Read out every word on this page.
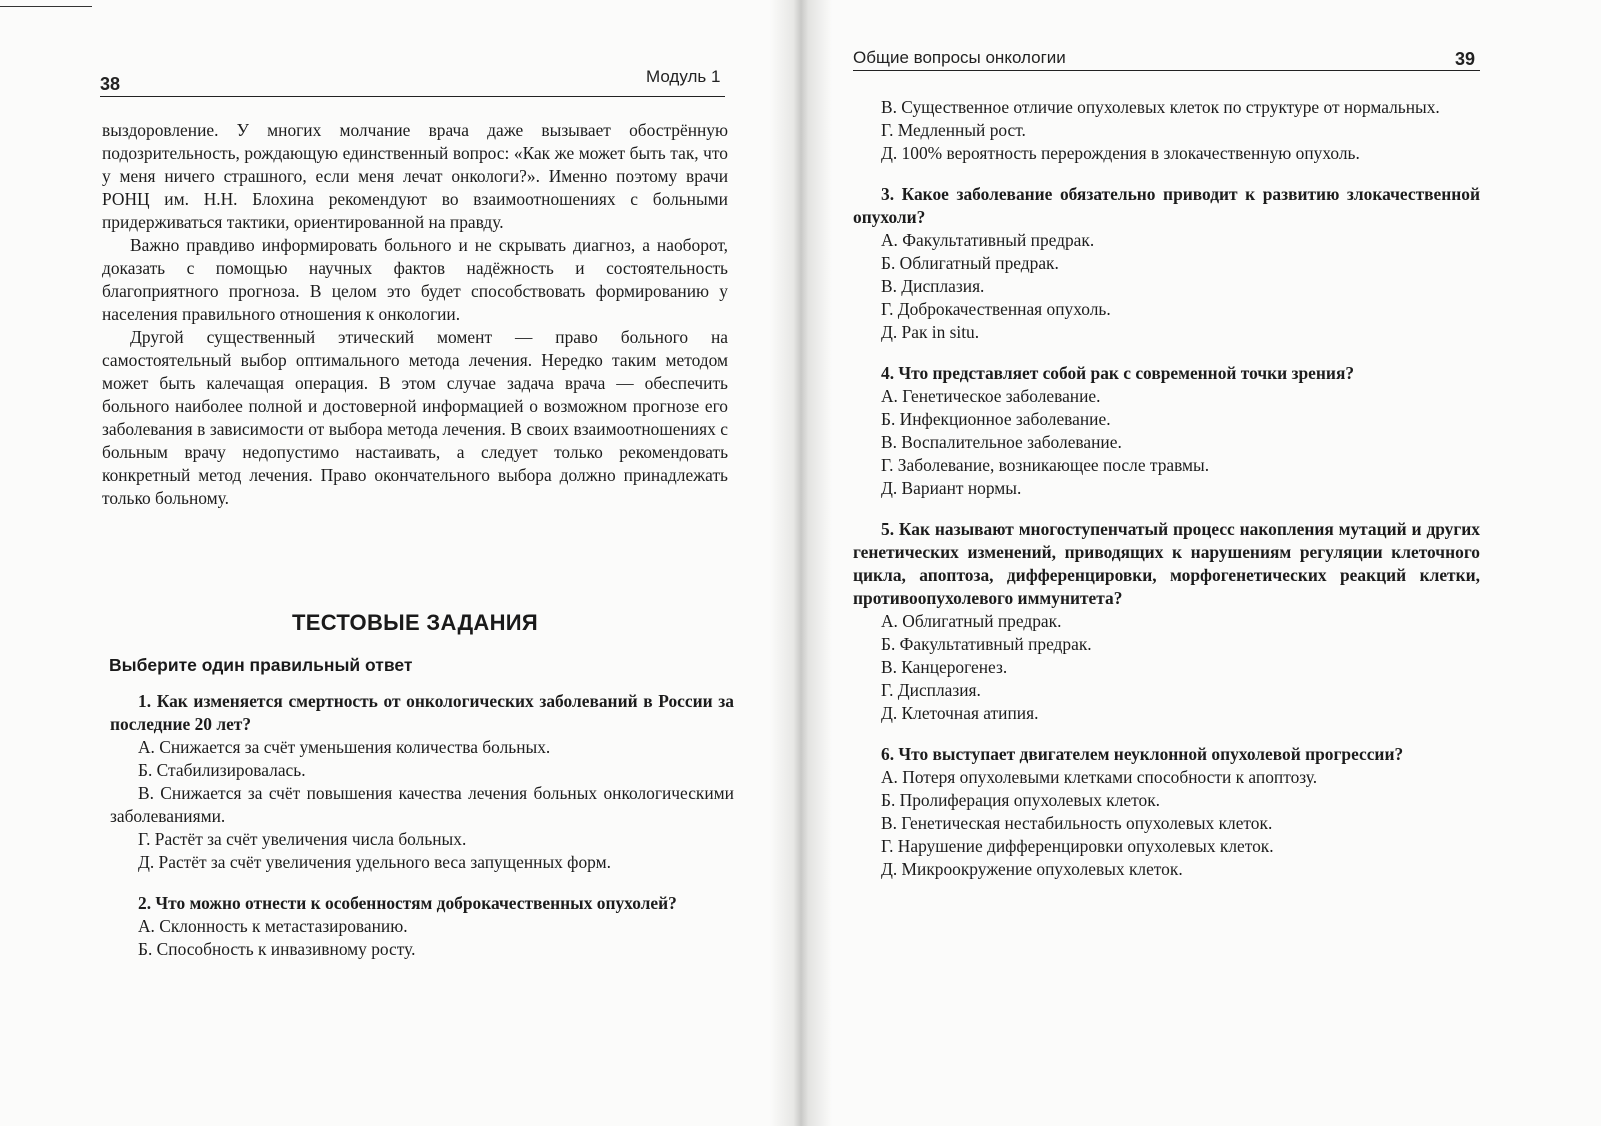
38	Модуль 1

выздоровление. У многих молчание врача даже вызывает обострённую подозрительность, рождающую единственный вопрос: «Как же может быть так, что у меня ничего страшного, если меня лечат онкологи?». Именно поэтому врачи РОНЦ им. Н.Н. Блохина рекомендуют во взаимоотношениях с больными придерживаться тактики, ориентированной на правду.

Важно правдиво информировать больного и не скрывать диагноз, а наоборот, доказать с помощью научных фактов надёжность и состоятельность благоприятного прогноза. В целом это будет способствовать формированию у населения правильного отношения к онкологии.

Другой существенный этический момент — право больного на самостоятельный выбор оптимального метода лечения. Нередко таким методом может быть калечащая операция. В этом случае задача врача — обеспечить больного наиболее полной и достоверной информацией о возможном прогнозе его заболевания в зависимости от выбора метода лечения. В своих взаимоотношениях с больным врачу недопустимо настаивать, а следует только рекомендовать конкретный метод лечения. Право окончательного выбора должно принадлежать только больному.

ТЕСТОВЫЕ ЗАДАНИЯ
Выберите один правильный ответ

1. Как изменяется смертность от онкологических заболеваний в России за последние 20 лет?

А. Снижается за счёт уменьшения количества больных.

Б. Стабилизировалась.

В. Снижается за счёт повышения качества лечения больных онкологическими заболеваниями.

Г. Растёт за счёт увеличения числа больных.

Д. Растёт за счёт увеличения удельного веса запущенных форм.

2. Что можно отнести к особенностям доброкачественных опухолей?

А. Склонность к метастазированию.

Б. Способность к инвазивному росту.

Общие вопросы онкологии	39

В. Существенное отличие опухолевых клеток по структуре от нормальных.

Г. Медленный рост.

Д. 100% вероятность перерождения в злокачественную опухоль.

3. Какое заболевание обязательно приводит к развитию злокачественной опухоли?

А. Факультативный предрак.

Б. Облигатный предрак.

В. Дисплазия.

Г. Доброкачественная опухоль.

Д. Рак in situ.

4. Что представляет собой рак с современной точки зрения?

А. Генетическое заболевание.

Б. Инфекционное заболевание.

В. Воспалительное заболевание.

Г. Заболевание, возникающее после травмы.

Д. Вариант нормы.

5. Как называют многоступенчатый процесс накопления мутаций и других генетических изменений, приводящих к нарушениям регуляции клеточного цикла, апоптоза, дифференцировки, морфогенетических реакций клетки, противоопухолевого иммунитета?

А. Облигатный предрак.

Б. Факультативный предрак.

В. Канцерогенез.

Г. Дисплазия.

Д. Клеточная атипия.

6. Что выступает двигателем неуклонной опухолевой прогрессии?

А. Потеря опухолевыми клетками способности к апоптозу.

Б. Пролиферация опухолевых клеток.

В. Генетическая нестабильность опухолевых клеток.

Г. Нарушение дифференцировки опухолевых клеток.

Д. Микроокружение опухолевых клеток.
